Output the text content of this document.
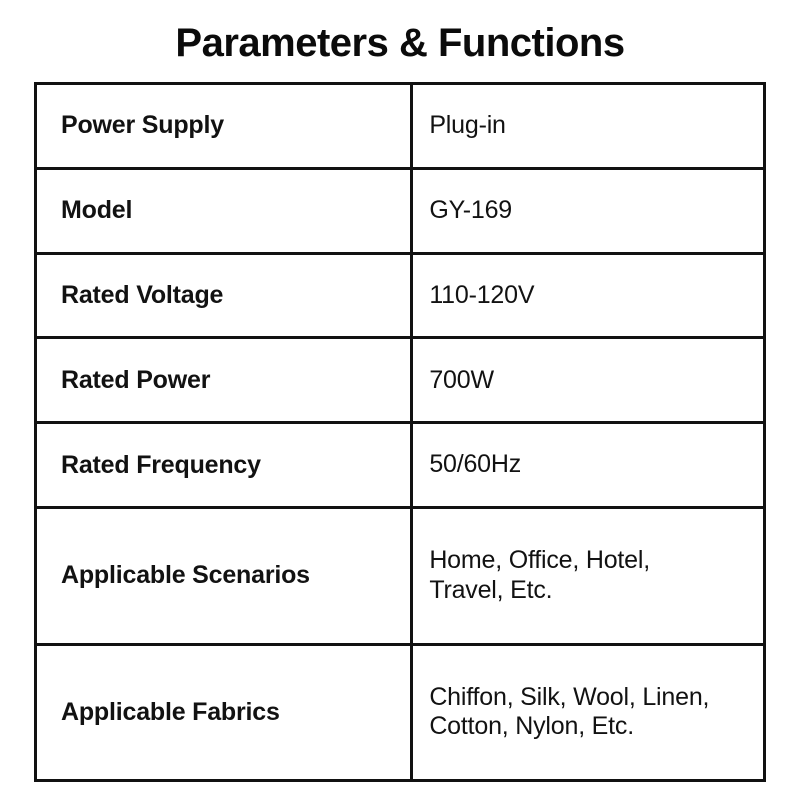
Parameters & Functions
Power Supply	Plug-in

Model	GY-169

Rated Voltage	110-120V

Rated Power	700W

Rated Frequency	50/60Hz

Applicable Scenarios	Home, Office, Hotel,
Travel, Etc.

Applicable Fabrics	Chiffon, Silk, Wool, Linen,
Cotton, Nylon, Etc.
